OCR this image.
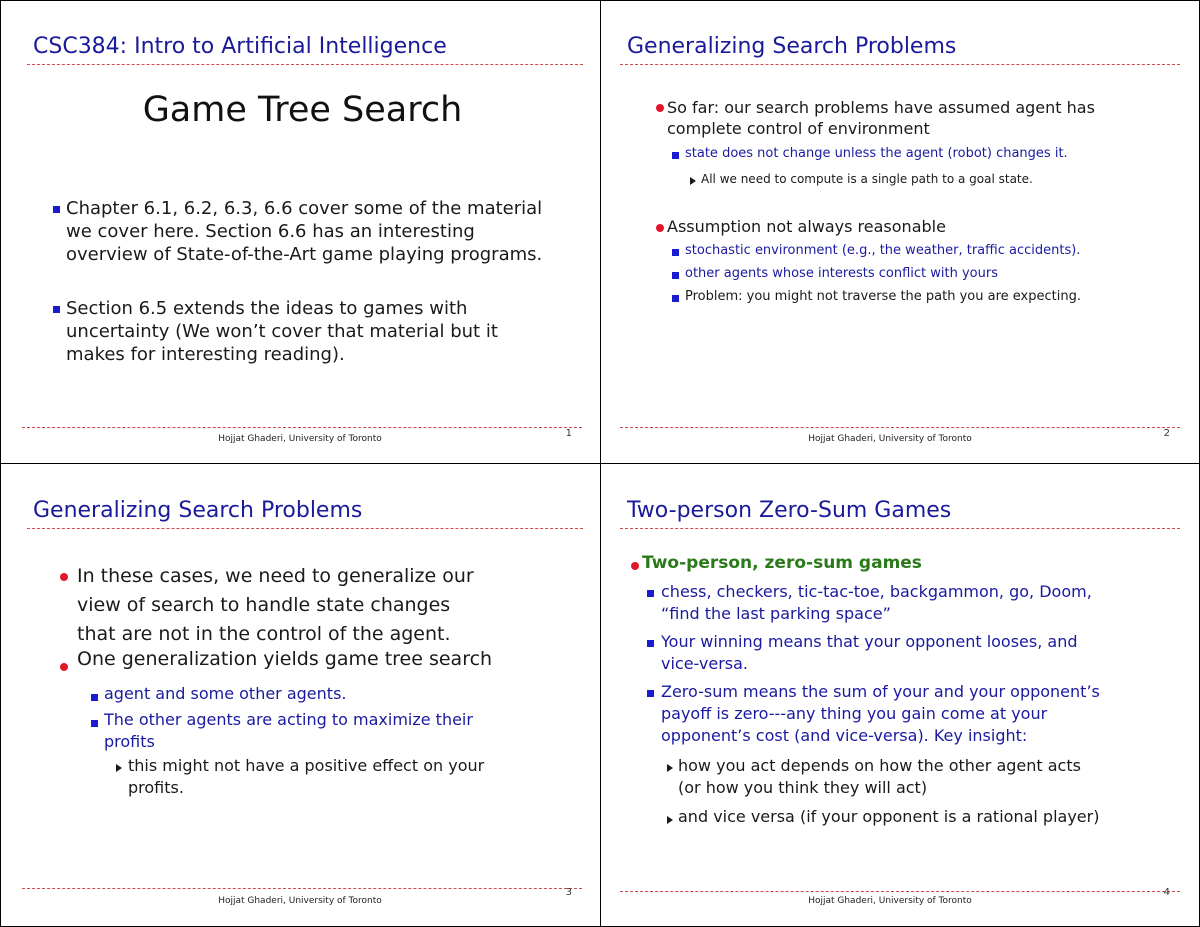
CSC384: Intro to Artificial Intelligence
Game Tree Search
Chapter 6.1, 6.2, 6.3, 6.6 cover some of the material
we cover here. Section 6.6 has an interesting
overview of State-of-the-Art game playing programs.
Section 6.5 extends the ideas to games with
uncertainty (We won’t cover that material but it
makes for interesting reading).
Hojjat Ghaderi, University of Toronto	1
Generalizing Search Problems
So far: our search problems have assumed agent has
complete control of environment
state does not change unless the agent (robot) changes it.
All we need to compute is a single path to a goal state.
Assumption not always reasonable
stochastic environment (e.g., the weather, traffic accidents).
other agents whose interests conflict with yours
Problem: you might not traverse the path you are expecting.
Hojjat Ghaderi, University of Toronto	2
Generalizing Search Problems
In these cases, we need to generalize our
view of search to handle state changes
that are not in the control of the agent.
One generalization yields game tree search
agent and some other agents.
The other agents are acting to maximize their
profits
this might not have a positive effect on your
profits.
Hojjat Ghaderi, University of Toronto
3
Two-person Zero-Sum Games
Two-person, zero-sum games
chess, checkers, tic-tac-toe, backgammon, go, Doom,
“find the last parking space”
Your winning means that your opponent looses, and
vice-versa.
Zero-sum means the sum of your and your opponent’s
payoff is zero---any thing you gain come at your
opponent’s cost (and vice-versa). Key insight:
how you act depends on how the other agent acts
(or how you think they will act)
and vice versa (if your opponent is a rational player)
Hojjat Ghaderi, University of Toronto
4
